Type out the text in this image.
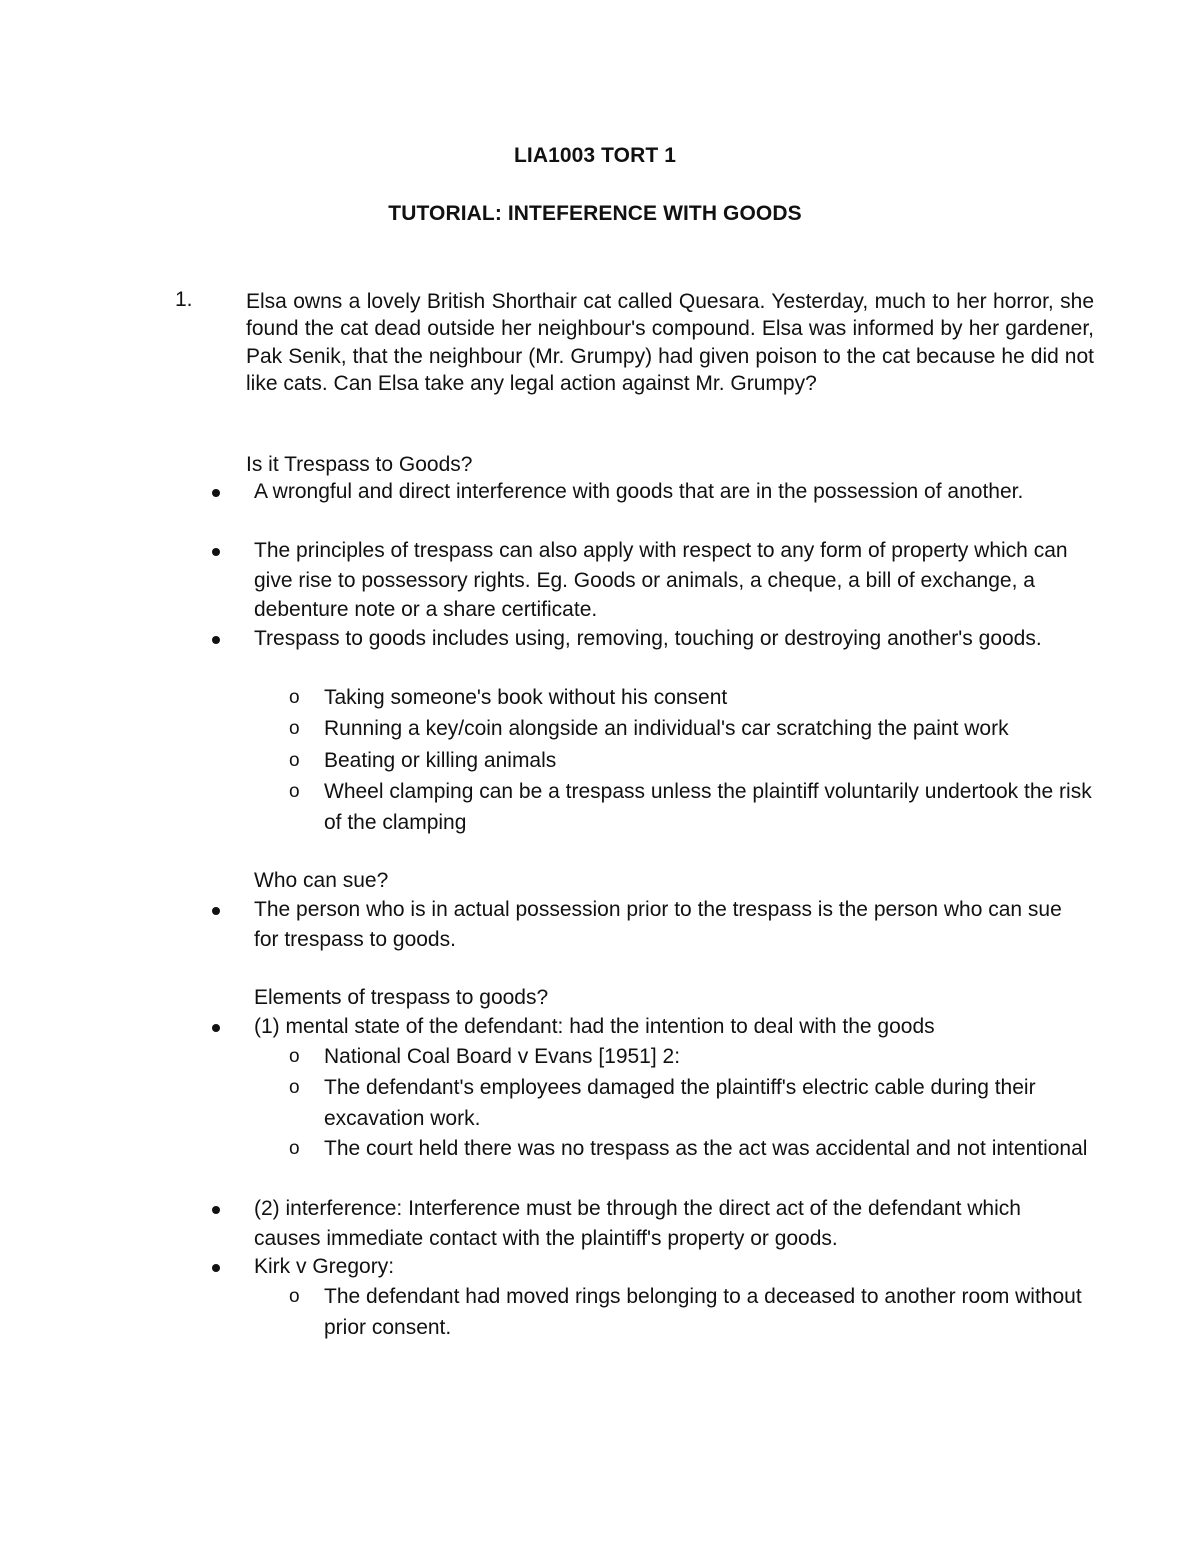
LIA1003 TORT 1
TUTORIAL: INTEFERENCE WITH GOODS
1.	Elsa owns a lovely British Shorthair cat called Quesara. Yesterday, much to her horror, she found the cat dead outside her neighbour's compound. Elsa was informed by her gardener, Pak Senik, that the neighbour (Mr. Grumpy) had given poison to the cat because he did not like cats. Can Elsa take any legal action against Mr. Grumpy?

Is it Trespass to Goods?

A wrongful and direct interference with goods that are in the possession of another.

The principles of trespass can also apply with respect to any form of property which can give rise to possessory rights. Eg. Goods or animals, a cheque, a bill of exchange, a debenture note or a share certificate.

Trespass to goods includes using, removing, touching or destroying another's goods.

o Taking someone's book without his consent

o Running a key/coin alongside an individual's car scratching the paint work

o Beating or killing animals

o Wheel clamping can be a trespass unless the plaintiff voluntarily undertook the risk of the clamping

Who can sue?

The person who is in actual possession prior to the trespass is the person who can sue for trespass to goods.

Elements of trespass to goods?

(1) mental state of the defendant: had the intention to deal with the goods

o National Coal Board v Evans [1951] 2:

o The defendant's employees damaged the plaintiff's electric cable during their excavation work.

o The court held there was no trespass as the act was accidental and not intentional

(2) interference: Interference must be through the direct act of the defendant which causes immediate contact with the plaintiff's property or goods.

Kirk v Gregory:

o The defendant had moved rings belonging to a deceased to another room without prior consent.
